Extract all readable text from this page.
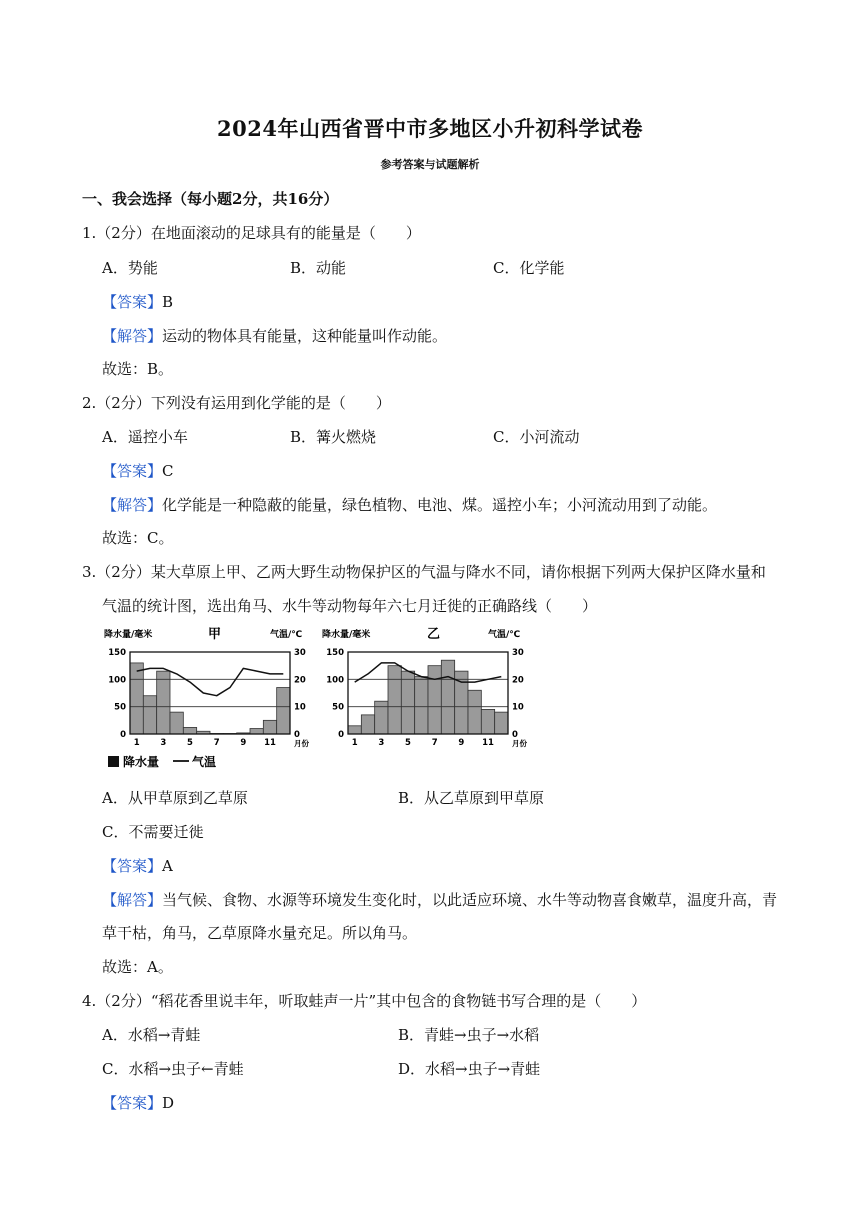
2024年山西省晋中市多地区小升初科学试卷
参考答案与试题解析
一、我会选择（每小题2分，共16分）
1.（2分）在地面滚动的足球具有的能量是（　　）
A．势能	B．动能	C．化学能
【答案】B
【解答】运动的物体具有能量，这种能量叫作动能。
故选：B。
2.（2分）下列没有运用到化学能的是（　　）
A．遥控小车	B．篝火燃烧	C．小河流动
【答案】C
【解答】化学能是一种隐蔽的能量，绿色植物、电池、煤。遥控小车；小河流动用到了动能。
故选：C。
3.（2分）某大草原上甲、乙两大野生动物保护区的气温与降水不同，请你根据下列两大保护区降水量和
气温的统计图，选出角马、水牛等动物每年六七月迁徙的正确路线（　　）
降水量/毫米	甲	气温/℃
0
50
100
150
0
10
20
30
1 3 5 7 9 11 月份
降水量	气温
降水量/毫米	乙	气温/℃
0
50
100
150
0
10
20
30
1 3 5 7 9 11 月份
A．从甲草原到乙草原	B．从乙草原到甲草原
C．不需要迁徙
【答案】A
【解答】当气候、食物、水源等环境发生变化时，以此适应环境、水牛等动物喜食嫩草，温度升高，青
草干枯，角马，乙草原降水量充足。所以角马。
故选：A。
4.（2分）“稻花香里说丰年，听取蛙声一片”其中包含的食物链书写合理的是（　　）
A．水稻→青蛙	B．青蛙→虫子→水稻
C．水稻→虫子←青蛙	D．水稻→虫子→青蛙
【答案】D
